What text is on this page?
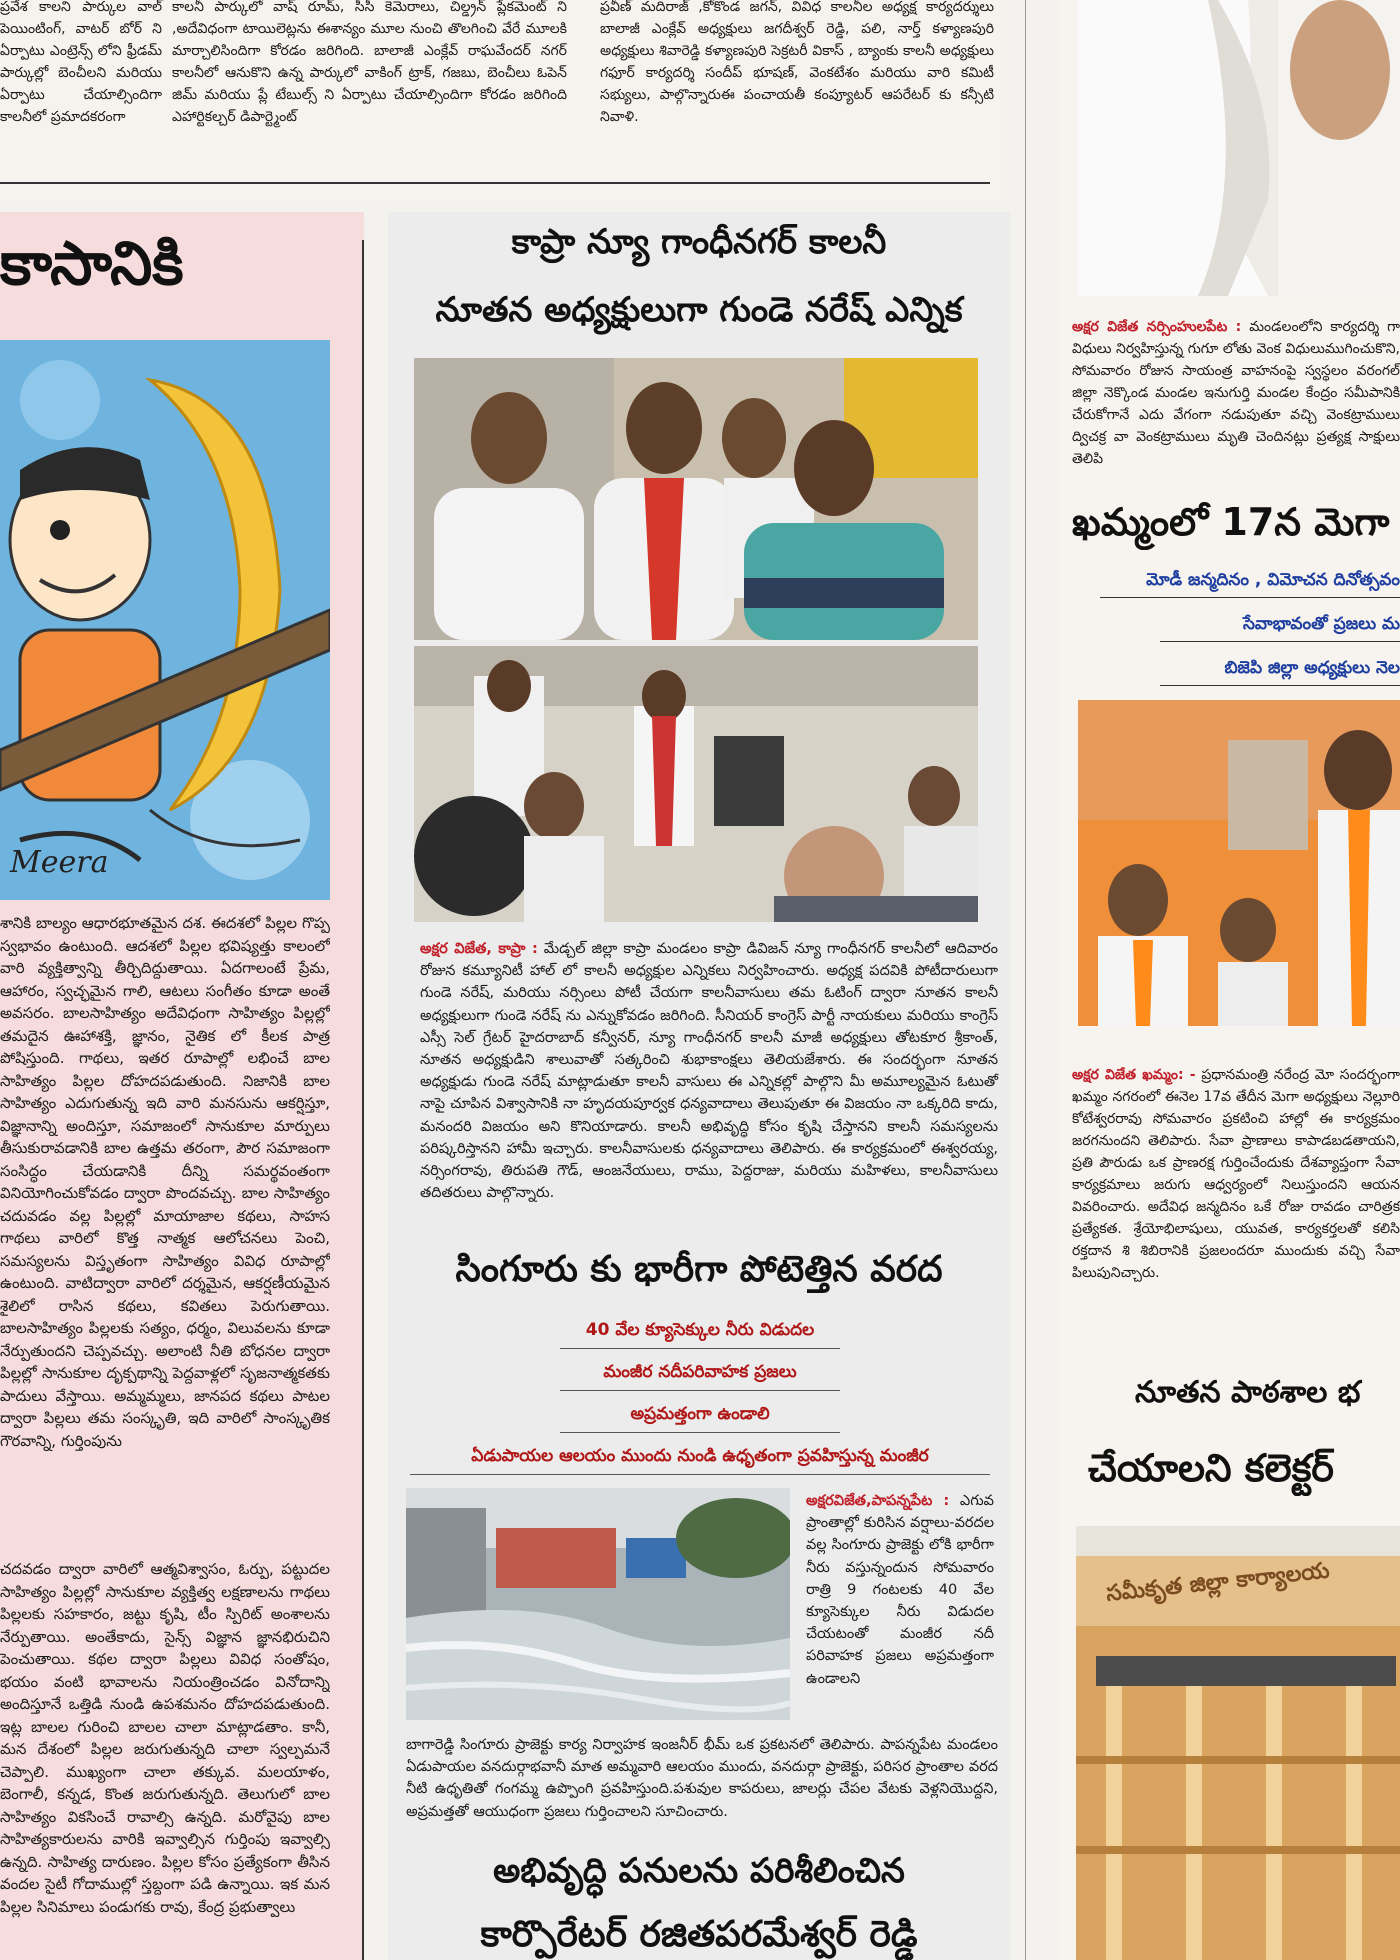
ప్రవేశ కాలని పార్కుల వాల్ పెయింటింగ్, వాటర్ బోర్ ని ఏర్పాటు ఎంట్రెన్స్ లోని ఫ్రీడమ్ పార్కుల్లో బెంచీలని మరియు ఏర్పాటు చేయాల్సిందిగా కాలనీలో ప్రమాదకరంగా
కాలనీ పార్కులో వాష్ రూమ్, సీసీ కెమెరాలు, చిల్డ్రన్ ప్లేకమెంట్ ని ,అదేవిధంగా టాయిలెట్లను ఈశాన్యం మూల నుంచి తొలగించి వేరే మూలకి మార్చాలిసిందిగా కోరడం జరిగింది. బాలాజీ ఎంక్లేవ్ రాఘవేందర్ నగర్ కాలనీలో ఆనుకొని ఉన్న పార్కులో వాకింగ్ ట్రాక్, గజబు, బెంచీలు ఓపెన్ జిమ్ మరియు ప్లే టేబుల్స్ ని ఏర్పాటు చేయాల్సిందిగా కోరడం జరిగింది ఎహార్టికల్చర్ డిపార్ట్మెంట్
ప్రవీణ్ మదిరాజ్ ,కోకొండ జగన్, వివిధ కాలనీల అధ్యక్ష కార్యదర్శులు బాలాజీ ఎంక్లేవ్ అధ్యక్షులు జగదీశ్వర్ రెడ్డి, పలి, నార్త్ కళ్యాణపురి అధ్యక్షులు శివారెడ్డి కళ్యాణపురి సెక్రటరీ వికాస్ , బ్యాంకు కాలనీ అధ్యక్షులు గఫూర్ కార్యదర్శి సందీప్ భూషణ్, వెంకటేశం మరియు వారి కమిటీ సభ్యులు, పాల్గొన్నారుఈ పంచాయతీ కంప్యూటర్ ఆపరేటర్ కు కన్సీటి నివాళి.
కాసానికి
Meera
శానికి బాల్యం ఆధారభూతమైన దశ. ఈదశలో పిల్లల గొప్ప స్వభావం ఉంటుంది. ఆదశలో పిల్లల భవిష్యత్తు కాలంలో వారి వ్యక్తిత్వాన్ని తీర్చిదిద్దుతాయి. ఏదగాలంటే ప్రేమ, ఆహారం, స్వచ్ఛమైన గాలి, ఆటలు సంగీతం కూడా అంతే అవసరం. బాలసాహిత్యం అదేవిధంగా సాహిత్యం పిల్లల్లో తమదైన ఊహాశక్తి, జ్ఞానం, నైతిక లో కీలక పాత్ర పోషిస్తుంది. గాథలు, ఇతర రూపాల్లో లభించే బాల సాహిత్యం పిల్లల దోహదపడుతుంది. నిజానికి బాల సాహిత్యం ఎదుగుతున్న ఇది వారి మనసును ఆకర్షిస్తూ, విజ్ఞానాన్ని అందిస్తూ, సమాజంలో సానుకూల మార్పులు తీసుకురావడానికి బాల ఉత్తమ తరంగా, పౌర సమాజంగా సంసిద్ధం చేయడానికి దీన్ని సమర్థవంతంగా వినియోగించుకోవడం ద్వారా పొందవచ్చు. బాల సాహిత్యం చదువడం వల్ల పిల్లల్లో మాయాజాల కథలు, సాహస గాథలు వారిలో కొత్త నాత్మక ఆలోచనలు పెంచి, సమస్యలను విస్తృతంగా సాహిత్యం వివిధ రూపాల్లో ఉంటుంది. వాటిద్వారా వారిలో దర్శమైన, ఆకర్షణీయమైన శైలిలో రాసిన కథలు, కవితలు పెరుగుతాయి. బాలసాహిత్యం పిల్లలకు సత్యం, ధర్మం, విలువలను కూడా నేర్పుతుందని చెప్పవచ్చు. అలాంటి నీతి బోధనల ద్వారా పిల్లల్లో సానుకూల దృక్పథాన్ని పెద్దవాళ్లలో సృజనాత్మకతకు పాదులు వేస్తాయి. అమ్మమ్మలు, జానపద కథలు పాటల ద్వారా పిల్లలు తమ సంస్కృతి, ఇది వారిలో సాంస్కృతిక గౌరవాన్ని, గుర్తింపును
చదవడం ద్వారా వారిలో ఆత్మవిశ్వాసం, ఓర్పు, పట్టుదల సాహిత్యం పిల్లల్లో సానుకూల వ్యక్తిత్వ లక్షణాలను గాథలు పిల్లలకు సహకారం, జట్టు కృషి, టీం స్పిరిట్ అంశాలను నేర్పుతాయి. అంతేకాదు, సైన్స్ విజ్ఞాన జ్ఞానభిరుచిని పెంచుతాయి. కథల ద్వారా పిల్లలు వివిధ సంతోషం, భయం వంటి భావాలను నియంత్రించడం వినోదాన్ని అందిస్తూనే ఒత్తిడి నుండి ఉపశమనం దోహదపడుతుంది. ఇట్ల బాలల గురించి బాలల చాలా మాట్లాడతాం. కానీ, మన దేశంలో పిల్లల జరుగుతున్నది చాలా స్వల్పమనే చెప్పాలి. ముఖ్యంగా చాలా తక్కువ. మలయాళం, బెంగాలీ, కన్నడ, కొంత జరుగుతున్నది. తెలుగులో బాల సాహిత్యం వికసించే రావాల్సి ఉన్నది. మరోవైపు బాల సాహిత్యకారులను వారికి ఇవ్వాల్సిన గుర్తింపు ఇవ్వాల్సి ఉన్నది. సాహిత్య దారుణం. పిల్లల కోసం ప్రత్యేకంగా తీసిన వందల సైటీ గోదాముల్లో స్తబ్దంగా పడి ఉన్నాయి. ఇక మన పిల్లల సినిమాలు పండుగకు రావు, కేంద్ర ప్రభుత్వాలు
కాప్రా న్యూ గాంధీనగర్ కాలనీ
నూతన అధ్యక్షులుగా గుండె నరేష్ ఎన్నిక
అక్షర విజేత, కాప్రా : మేడ్చల్ జిల్లా కాప్రా మండలం కాప్రా డివిజన్ న్యూ గాంధీనగర్ కాలనీలో ఆదివారం రోజున కమ్యూనిటీ హాల్ లో కాలనీ అధ్యక్షుల ఎన్నికలు నిర్వహించారు. అధ్యక్ష పదవికి పోటీదారులుగా గుండె నరేష్, మరియు నర్సింలు పోటీ చేయగా కాలనీవాసులు తమ ఓటింగ్ ద్వారా నూతన కాలనీ అధ్యక్షులుగా గుండె నరేష్ ను ఎన్నుకోవడం జరిగింది. సీనియర్ కాంగ్రెస్ పార్టీ నాయకులు మరియు కాంగ్రెస్ ఎస్సీ సెల్ గ్రేటర్ హైదరాబాద్ కన్వీనర్, న్యూ గాంధీనగర్ కాలనీ మాజీ అధ్యక్షులు తోటకూర శ్రీకాంత్, నూతన అధ్యక్షుడిని శాలువాతో సత్కరించి శుభాకాంక్షలు తెలియజేశారు. ఈ సందర్భంగా నూతన అధ్యక్షుడు గుండె నరేష్ మాట్లాడుతూ కాలనీ వాసులు ఈ ఎన్నికల్లో పాల్గొని మీ అమూల్యమైన ఓటుతో నాపై చూపిన విశ్వాసానికి నా హృదయపూర్వక ధన్యవాదాలు తెలుపుతూ ఈ విజయం నా ఒక్కరిది కాదు, మనందరి విజయం అని కొనియాడారు. కాలనీ అభివృద్ధి కోసం కృషి చేస్తానని కాలనీ సమస్యలను పరిష్కరిస్తానని హామీ ఇచ్చారు. కాలనీవాసులకు ధన్యవాదాలు తెలిపారు. ఈ కార్యక్రమంలో ఈశ్వరయ్య, నర్సింగరావు, తిరుపతి గౌడ్, ఆంజనేయులు, రాము, పెద్దరాజు, మరియు మహిళలు, కాలనీవాసులు తదితరులు పాల్గొన్నారు.
సింగూరు కు భారీగా పోటెత్తిన వరద
40 వేల క్యూసెక్కుల నీరు విడుదల
మంజీర నదీపరివాహక ప్రజలు
అప్రమత్తంగా ఉండాలి
ఏడుపాయల ఆలయం ముందు నుండి ఉధృతంగా ప్రవహిస్తున్న మంజీర
అక్షరవిజేత,పాపన్నపేట : ఎగువ ప్రాంతాల్లో కురిసిన వర్షాలు-వరదల వల్ల సింగూరు ప్రాజెక్టు లోకి భారీగా నీరు వస్తున్నందున సోమవారం రాత్రి 9 గంటలకు 40 వేల క్యూసెక్కుల నీరు విడుదల చేయటంతో మంజీర నదీ పరివాహక ప్రజలు అప్రమత్తంగా ఉండాలని
బాగారెడ్డి సింగూరు ప్రాజెక్టు కార్య నిర్వాహక ఇంజనీర్ భీమ్ ఒక ప్రకటనలో తెలిపారు. పాపన్నపేట మండలం ఏడుపాయల వనదుర్గాభవానీ మాత అమ్మవారి ఆలయం ముందు, వనదుర్గా ప్రాజెక్టు, పరిసర ప్రాంతాల వరద నీటి ఉధృతితో గంగమ్మ ఉప్పొంగి ప్రవహిస్తుంది.పశువుల కాపరులు, జాలర్లు చేపల వేటకు వెళ్లనియొద్దని, అప్రమత్తతో ఆయుధంగా ప్రజలు గుర్తించాలని సూచించారు.
అభివృద్ధి పనులను పరిశీలించిన
కార్పొరేటర్ రజితపరమేశ్వర్ రెడ్డి
అక్షర విజేత నర్సింహులపేట : మండలంలోని కార్యదర్శి గా విధులు నిర్వహిస్తున్న గుగూ లోతు వెంక విధులుముగించుకొని, సోమవారం రోజున సాయంత్ర వాహనంపై స్వస్థలం వరంగల్ జిల్లా నెక్కొండ మండల ఇనుగుర్తి మండల కేంద్రం సమీపానికి చేరుకోగానే ఎదు వేగంగా నడుపుతూ వచ్చి వెంకట్రాములు ద్విచక్ర వా వెంకట్రాములు మృతి చెందినట్లు ప్రత్యక్ష సాక్షులు తెలిపి
ఖమ్మంలో 17న మెగా
మోడీ జన్మదినం , విమోచన దినోత్సవం
సేవాభావంతో ప్రజలు మ
బిజెపి జిల్లా అధ్యక్షులు నెల
అక్షర విజేత ఖమ్మం: - ప్రధానమంత్రి నరేంద్ర మో సందర్భంగా ఖమ్మం నగరంలో ఈనెల 17వ తేదీన మెగా అధ్యక్షులు నెల్లూరి కోటేశ్వరరావు సోమవారం ప్రకటించి హాల్లో ఈ కార్యక్రమం జరగనుందని తెలిపారు. సేవా ప్రాణాలు కాపాడబడతాయని, ప్రతి పౌరుడు ఒక ప్రాణరక్ష గుర్తించేందుకు దేశవ్యాప్తంగా సేవా కార్యక్రమాలు జరుగు ఆధ్వర్యంలో నిలుస్తుందని ఆయన వివరించారు. అదేవిధ జన్మదినం ఒకే రోజు రావడం చారిత్రక ప్రత్యేకత. శ్రేయోభిలాషులు, యువత, కార్యకర్తలతో కలిసి రక్తదాన శి శిబిరానికి ప్రజలందరూ ముందుకు వచ్చి సేవా పిలుపునిచ్చారు.
నూతన పాఠశాల భ
చేయాలని కలెక్టర్
సమీకృత జిల్లా కార్యాలయ
